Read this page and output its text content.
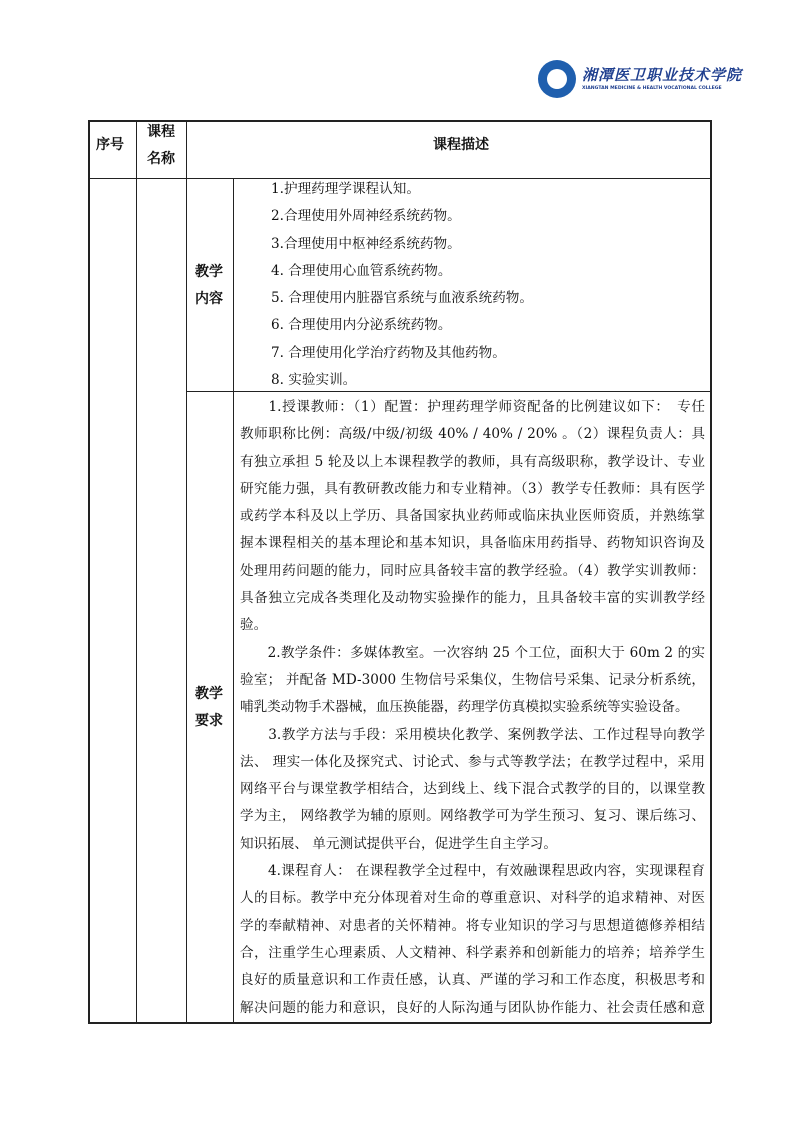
湘潭医卫职业技术学院
XIANGTAN MEDICINE & HEALTH VOCATIONAL COLLEGE
序号
课程
名称
课程描述
教学
内容
1.护理药理学课程认知。
2.合理使用外周神经系统药物。
3.合理使用中枢神经系统药物。
4. 合理使用心血管系统药物。
5. 合理使用内脏器官系统与血液系统药物。
6. 合理使用内分泌系统药物。
7. 合理使用化学治疗药物及其他药物。
8. 实验实训。
教学
要求
　　1.授课教师：（1）配置：护理药理学师资配备的比例建议如下：　专任
教师职称比例：高级/中级/初级 40% / 40% / 20% 。（2）课程负责人：具
有独立承担 5 轮及以上本课程教学的教师，具有高级职称，教学设计、专业
研究能力强，具有教研教改能力和专业精神。（3）教学专任教师：具有医学
或药学本科及以上学历、具备国家执业药师或临床执业医师资质，并熟练掌
握本课程相关的基本理论和基本知识，具备临床用药指导、药物知识咨询及
处理用药问题的能力，同时应具备较丰富的教学经验。（4）教学实训教师：
具备独立完成各类理化及动物实验操作的能力，且具备较丰富的实训教学经
验。
　　2.教学条件：多媒体教室。一次容纳 25 个工位，面积大于 60m 2 的实
验室； 并配备 MD-3000 生物信号采集仪，生物信号采集、记录分析系统，
哺乳类动物手术器械，血压换能器，药理学仿真模拟实验系统等实验设备。
　　3.教学方法与手段：采用模块化教学、案例教学法、工作过程导向教学
法、 理实一体化及探究式、讨论式、参与式等教学法；在教学过程中，采用
网络平台与课堂教学相结合，达到线上、线下混合式教学的目的，以课堂教
学为主， 网络教学为辅的原则。网络教学可为学生预习、复习、课后练习、
知识拓展、 单元测试提供平台，促进学生自主学习。
　　4.课程育人： 在课程教学全过程中，有效融课程思政内容，实现课程育
人的目标。教学中充分体现着对生命的尊重意识、对科学的追求精神、对医
学的奉献精神、对患者的关怀精神。将专业知识的学习与思想道德修养相结
合，注重学生心理素质、人文精神、科学素养和创新能力的培养；培养学生
良好的质量意识和工作责任感，认真、严谨的学习和工作态度，积极思考和
解决问题的能力和意识，良好的人际沟通与团队协作能力、社会责任感和意
